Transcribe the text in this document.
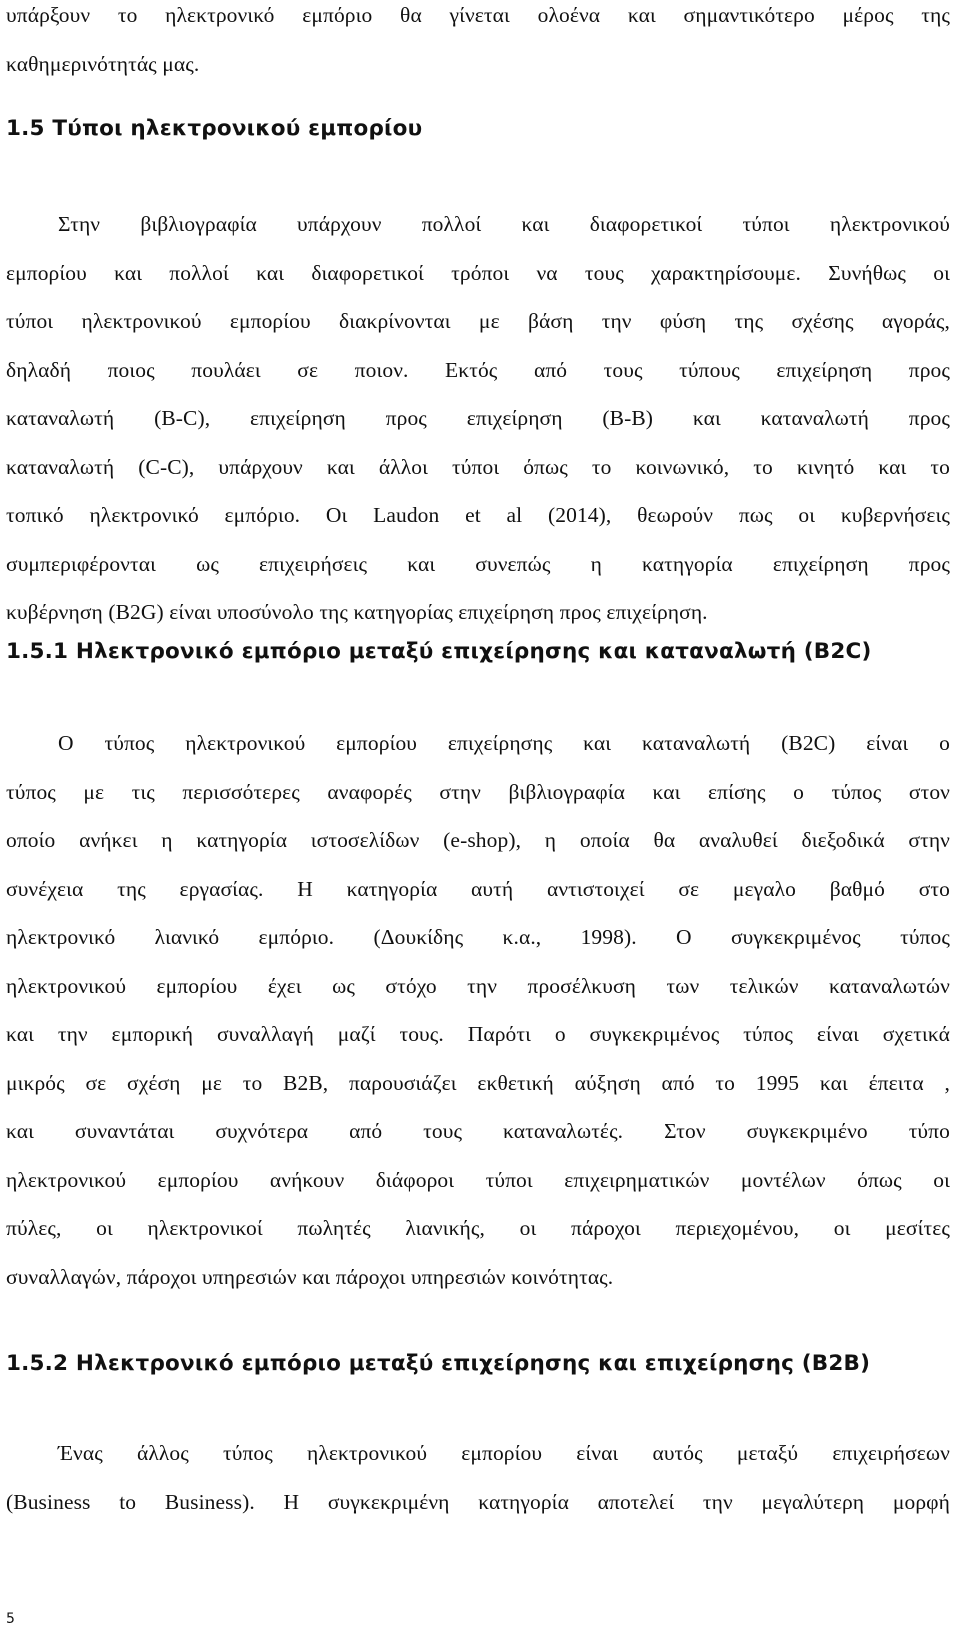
υπάρξουν το ηλεκτρονικό εμπόριο θα γίνεται ολοένα και σημαντικότερο μέρος της
καθημερινότητάς μας.
1.5 Τύποι ηλεκτρονικού εμπορίου
Στην βιβλιογραφία υπάρχουν πολλοί και διαφορετικοί τύποι ηλεκτρονικού
εμπορίου και πολλοί και διαφορετικοί τρόποι να τους χαρακτηρίσουμε. Συνήθως οι
τύποι ηλεκτρονικού εμπορίου διακρίνονται με βάση την φύση της σχέσης αγοράς,
δηλαδή ποιος πουλάει σε ποιον. Εκτός από τους τύπους επιχείρηση προς
καταναλωτή (B-C), επιχείρηση προς επιχείρηση (B-B) και καταναλωτή προς
καταναλωτή (C-C), υπάρχουν και άλλοι τύποι όπως το κοινωνικό, το κινητό και το
τοπικό ηλεκτρονικό εμπόριο. Οι Laudon et al (2014), θεωρούν πως οι κυβερνήσεις
συμπεριφέρονται ως επιχειρήσεις και συνεπώς η κατηγορία επιχείρηση προς
κυβέρνηση (B2G) είναι υποσύνολο της κατηγορίας επιχείρηση προς επιχείρηση.
1.5.1 Ηλεκτρονικό εμπόριο μεταξύ επιχείρησης και καταναλωτή (B2C)
Ο τύπος ηλεκτρονικού εμπορίου επιχείρησης και καταναλωτή (B2C) είναι ο
τύπος με τις περισσότερες αναφορές στην βιβλιογραφία και επίσης ο τύπος στον
οποίο ανήκει η κατηγορία ιστοσελίδων (e-shop), η οποία θα αναλυθεί διεξοδικά στην
συνέχεια της εργασίας. Η κατηγορία αυτή αντιστοιχεί σε μεγαλο βαθμό στο
ηλεκτρονικό λιανικό εμπόριο. (Δουκίδης κ.α., 1998). Ο συγκεκριμένος τύπος
ηλεκτρονικού εμπορίου έχει ως στόχο την προσέλκυση των τελικών καταναλωτών
και την εμπορική συναλλαγή μαζί τους. Παρότι ο συγκεκριμένος τύπος είναι σχετικά
μικρός σε σχέση με το B2B, παρουσιάζει εκθετική αύξηση από το 1995 και έπειτα ,
και συναντάται συχνότερα από τους καταναλωτές. Στον συγκεκριμένο τύπο
ηλεκτρονικού εμπορίου ανήκουν διάφοροι τύποι επιχειρηματικών μοντέλων όπως οι
πύλες, οι ηλεκτρονικοί πωλητές λιανικής, οι πάροχοι περιεχομένου, οι μεσίτες
συναλλαγών, πάροχοι υπηρεσιών και πάροχοι υπηρεσιών κοινότητας.
1.5.2 Ηλεκτρονικό εμπόριο μεταξύ επιχείρησης και επιχείρησης (B2B)
Ένας άλλος τύπος ηλεκτρονικού εμπορίου είναι αυτός μεταξύ επιχειρήσεων
(Business to Business). Η συγκεκριμένη κατηγορία αποτελεί την μεγαλύτερη μορφή
5
